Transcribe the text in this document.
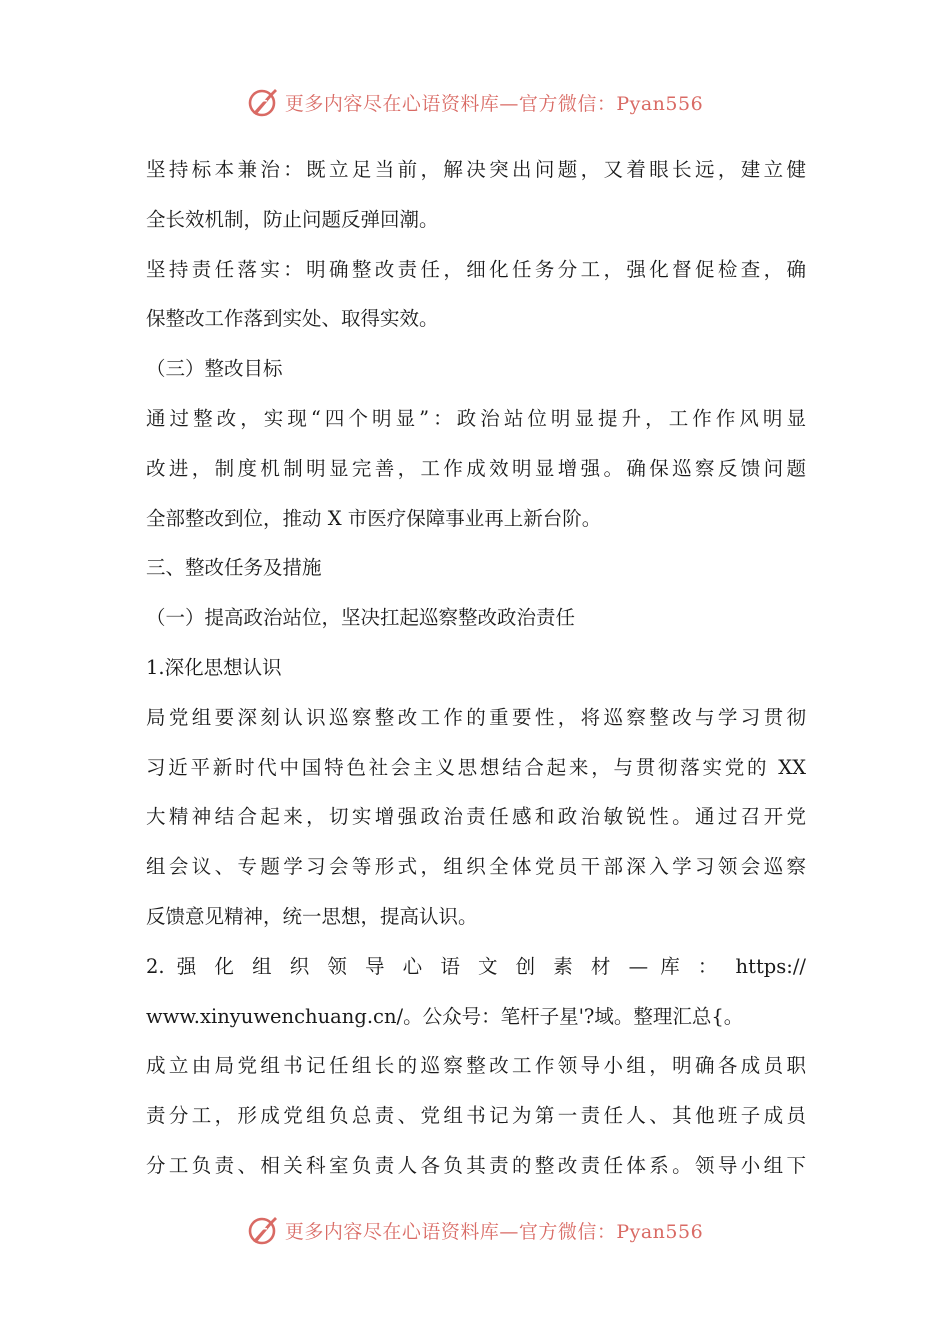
更多内容尽在心语资料库—官方微信：Pyan556
坚持标本兼治：既立足当前，解决突出问题，又着眼长远，建立健
全长效机制，防止问题反弹回潮。
坚持责任落实：明确整改责任，细化任务分工，强化督促检查，确
保整改工作落到实处、取得实效。
（三）整改目标
通过整改，实现“四个明显”：政治站位明显提升，工作作风明显
改进，制度机制明显完善，工作成效明显增强。确保巡察反馈问题
全部整改到位，推动 X 市医疗保障事业再上新台阶。
三、整改任务及措施
（一）提高政治站位，坚决扛起巡察整改政治责任
1.深化思想认识
局党组要深刻认识巡察整改工作的重要性，将巡察整改与学习贯彻
习近平新时代中国特色社会主义思想结合起来，与贯彻落实党的 XX
大精神结合起来，切实增强政治责任感和政治敏锐性。通过召开党
组会议、专题学习会等形式，组织全体党员干部深入学习领会巡察
反馈意见精神，统一思想，提高认识。
2. 强 化 组 织 领 导 心 语 文 创 素 材 — 库 ： https://
www.xinyuwenchuang.cn/。公众号：笔杆子星'?域。整理汇总{。
成立由局党组书记任组长的巡察整改工作领导小组，明确各成员职
责分工，形成党组负总责、党组书记为第一责任人、其他班子成员
分工负责、相关科室负责人各负其责的整改责任体系。领导小组下
更多内容尽在心语资料库—官方微信：Pyan556
